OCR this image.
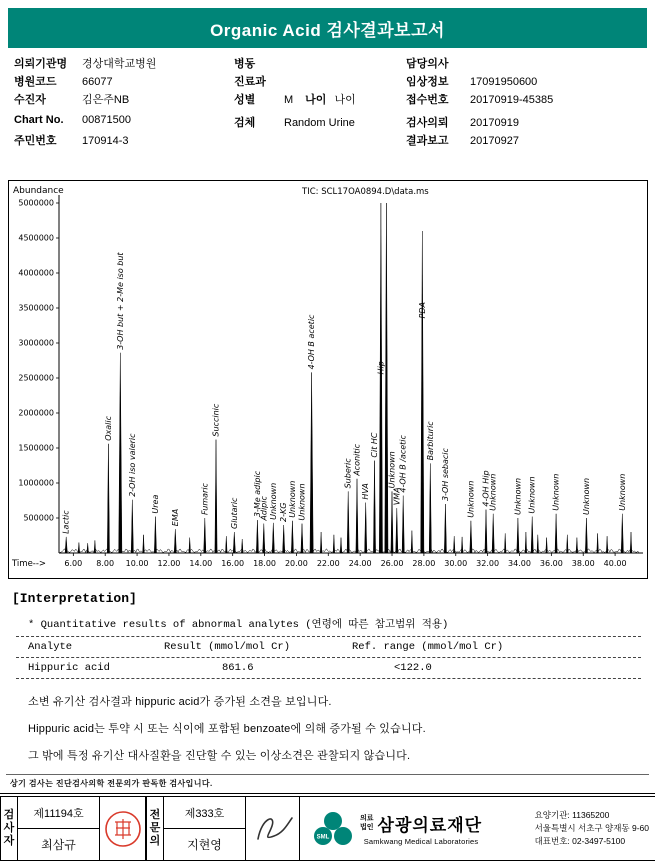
Organic Acid 검사결과보고서
의뢰기관명	경상대학교병원
병원코드	66077
수진자	김은주NB
Chart No.	00871500
주민번호	170914-3
병동
진료과
성별	M 나이 나이
검체	Random Urine
담당의사
임상정보	17091950600
접수번호	20170919-45385
검사의뢰	20170919
결과보고	20170927
Abundance	TIC: SCL17OA0894.D\data.ms
500000
1000000
1500000
2000000
2500000
3000000
3500000
4000000
4500000
5000000
6.00 8.00 10.00 12.00 14.00 16.00 18.00 20.00 22.00 24.00 26.00 28.00 30.00 32.00 34.00 36.00 38.00 40.00
Time-->
Lactic
Oxalic
3-OH but + 2-Me iso but
2-OH iso valeric
Urea
EMA
Fumaric
Succinic
Glutaric 3-Me adipic
Adipic Unknown 2-KG Unknown Unknown
4-OH B acetic
Suberic Aconitic
HVA
Cit HC
Hip
Unknown
VMA
4-OH B /acetic
PDA
Barbituric
3-OH sebacic Unknown 4-OH Hip
Unknown Unknown Unknown Unknown	Unknown	Unknown
[Interpretation]
* Quantitative results of abnormal analytes (연령에 따른 참고범위 적용)
Analyte	Result (mmol/mol Cr)	Ref. range (mmol/mol Cr)
Hippuric acid	861.6	<122.0

소변 유기산 검사결과 hippuric acid가 증가된 소견을 보입니다.

Hippuric acid는 투약 시 또는 식이에 포함된 benzoate에 의해 증가될 수 있습니다.

그 밖에 특정 유기산 대사질환을 진단할 수 있는 이상소견은 관찰되지 않습니다.

상기 검사는 진단검사의학 전문의가 판독한 검사입니다.
검사자
제11194호
최삼규
전문의
제333호
지현영
SML
의료
법인 삼광의료재단
Samkwang Medical Laboratories
요양기관: 11365200
서울특별시 서초구 양재동 9-60
대표번호: 02-3497-5100
